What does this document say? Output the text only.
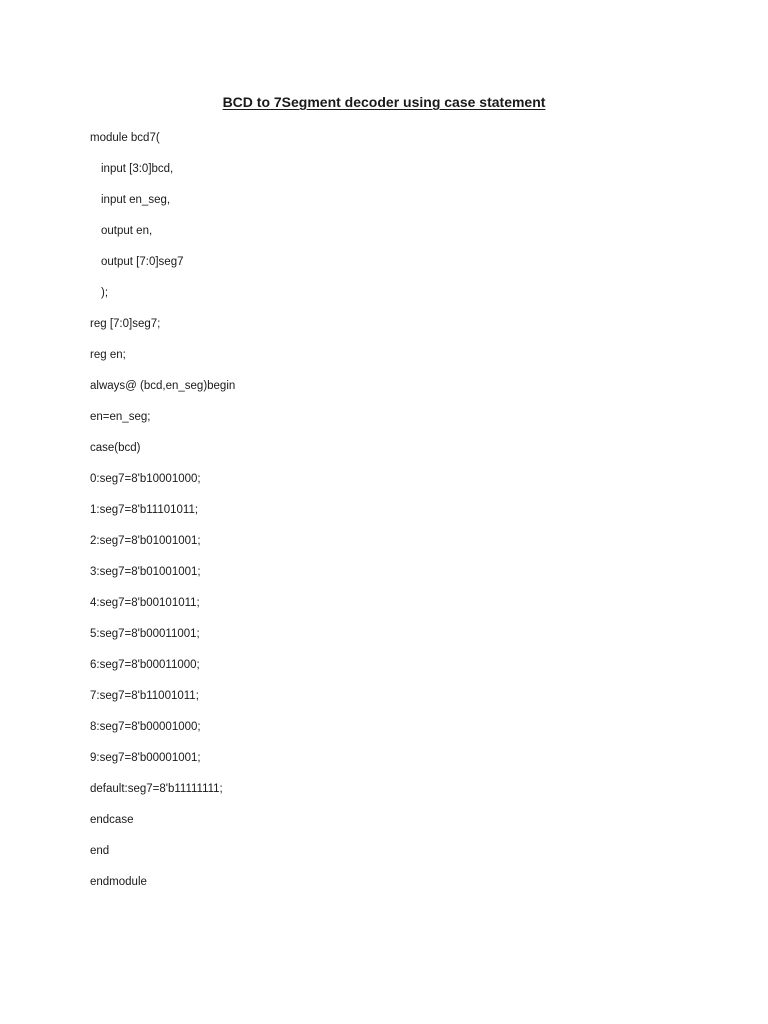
BCD to 7Segment decoder using case statement
module bcd7(
input [3:0]bcd,
input en_seg,
output en,
output [7:0]seg7
);
reg [7:0]seg7;
reg en;
always@ (bcd,en_seg)begin
en=en_seg;
case(bcd)
0:seg7=8'b10001000;
1:seg7=8'b11101011;
2:seg7=8'b01001001;
3:seg7=8'b01001001;
4:seg7=8'b00101011;
5:seg7=8'b00011001;
6:seg7=8'b00011000;
7:seg7=8'b11001011;
8:seg7=8'b00001000;
9:seg7=8'b00001001;
default:seg7=8'b11111111;
endcase
end
endmodule
